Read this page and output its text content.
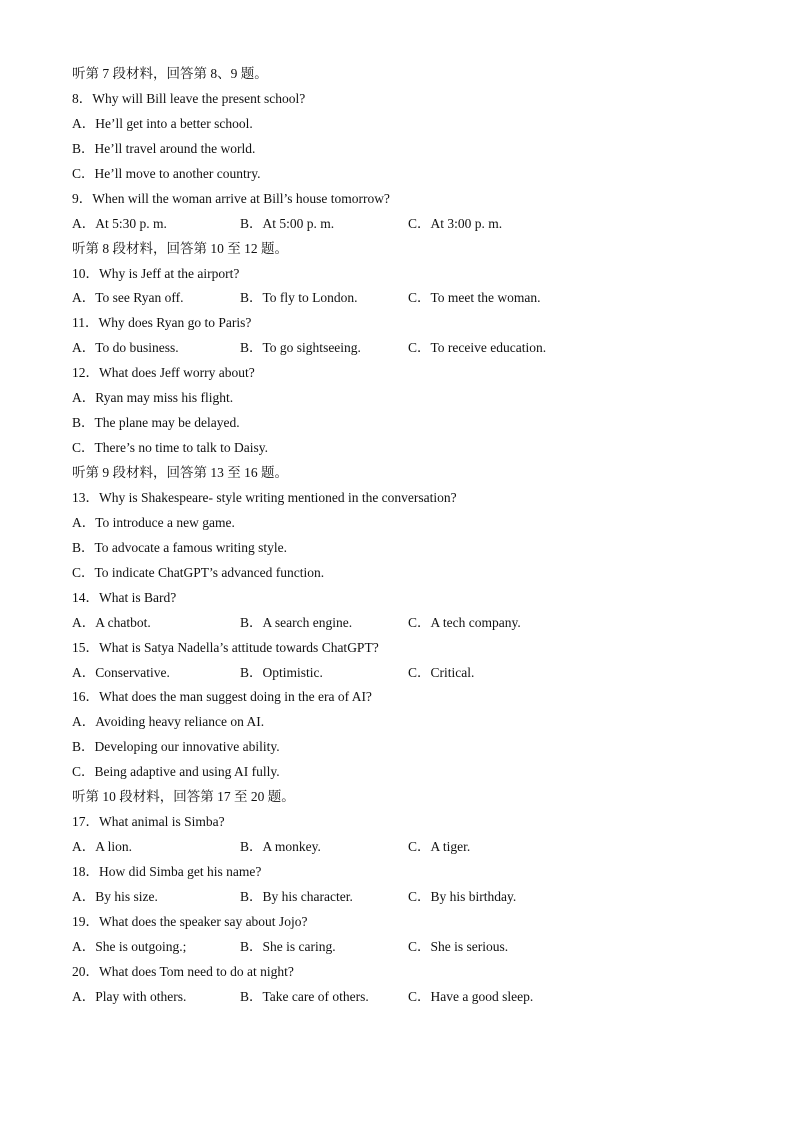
听第 7 段材料，回答第 8、9 题。
8．Why will Bill leave the present school?
A．He’ll get into a better school.
B．He’ll travel around the world.
C．He’ll move to another country.
9．When will the woman arrive at Bill’s house tomorrow?
A．At 5:30 p. m.	B．At 5:00 p. m.	C．At 3:00 p. m.
听第 8 段材料，回答第 10 至 12 题。
10．Why is Jeff at the airport?
A．To see Ryan off.	B．To fly to London.	C．To meet the woman.
11．Why does Ryan go to Paris?
A．To do business.	B．To go sightseeing.	C．To receive education.
12．What does Jeff worry about?
A．Ryan may miss his flight.
B．The plane may be delayed.
C．There’s no time to talk to Daisy.
听第 9 段材料，回答第 13 至 16 题。
13．Why is Shakespeare- style writing mentioned in the conversation?
A．To introduce a new game.
B．To advocate a famous writing style.
C．To indicate ChatGPT’s advanced function.
14．What is Bard?
A．A chatbot.	B．A search engine.	C．A tech company.
15．What is Satya Nadella’s attitude towards ChatGPT?
A．Conservative.	B．Optimistic.	C．Critical.
16．What does the man suggest doing in the era of AI?
A．Avoiding heavy reliance on AI.
B．Developing our innovative ability.
C．Being adaptive and using AI fully.
听第 10 段材料，回答第 17 至 20 题。
17．What animal is Simba?
A．A lion.	B．A monkey.	C．A tiger.
18．How did Simba get his name?
A．By his size.	B．By his character.	C．By his birthday.
19．What does the speaker say about Jojo?
A．She is outgoing.;	B．She is caring.	C．She is serious.
20．What does Tom need to do at night?
A．Play with others.	B．Take care of others.	C．Have a good sleep.
